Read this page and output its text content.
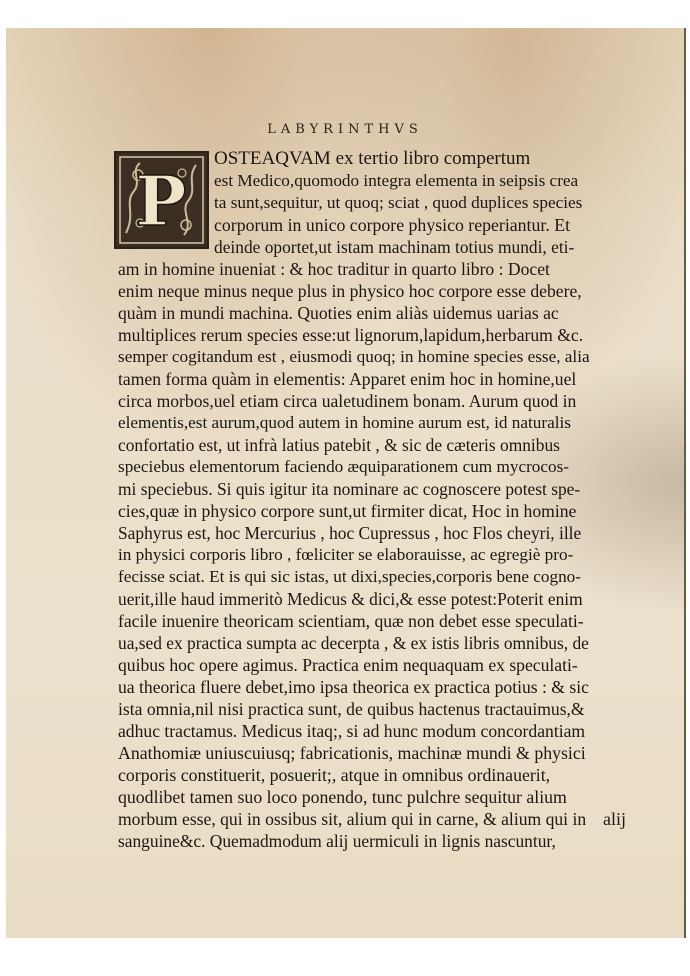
LABYRINTHVS
P
OSTEAQVAM ex tertio libro compertum
est Medico,quomodo integra elementa in seipsis crea
ta sunt,sequitur, ut quoq; sciat , quod duplices species
corporum in unico corpore physico reperiantur. Et
deinde oportet,ut istam machinam totius mundi, eti-
am in homine inueniat : & hoc traditur in quarto libro : Docet
enim neque minus neque plus in physico hoc corpore esse debere,
quàm in mundi machina. Quoties enim aliàs uidemus uarias ac
multiplices rerum species esse:ut lignorum,lapidum,herbarum &c.
semper cogitandum est , eiusmodi quoq; in homine species esse, alia
tamen forma quàm in elementis: Apparet enim hoc in homine,uel
circa morbos,uel etiam circa ualetudinem bonam. Aurum quod in
elementis,est aurum,quod autem in homine aurum est, id naturalis
confortatio est, ut infrà latius patebit , & sic de cæteris omnibus
speciebus elementorum faciendo æquiparationem cum mycrocos-
mi speciebus. Si quis igitur ita nominare ac cognoscere potest spe-
cies,quæ in physico corpore sunt,ut firmiter dicat, Hoc in homine
Saphyrus est, hoc Mercurius , hoc Cupressus , hoc Flos cheyri, ille
in physici corporis libro , fœliciter se elaborauisse, ac egregiè pro-
fecisse sciat. Et is qui sic istas, ut dixi,species,corporis bene cogno-
uerit,ille haud immeritò Medicus & dici,& esse potest:Poterit enim
facile inuenire theoricam scientiam, quæ non debet esse speculati-
ua,sed ex practica sumpta ac decerpta , & ex istis libris omnibus, de
quibus hoc opere agimus. Practica enim nequaquam ex speculati-
ua theorica fluere debet,imo ipsa theorica ex practica potius : & sic
ista omnia,nil nisi practica sunt, de quibus hactenus tractauimus,&
adhuc tractamus. Medicus itaq;, si ad hunc modum concordantiam
Anathomiæ uniuscuiusq; fabricationis, machinæ mundi & physici
corporis constituerit, posuerit;, atque in omnibus ordinauerit,
quodlibet tamen suo loco ponendo, tunc pulchre sequitur alium
morbum esse, qui in ossibus sit, alium qui in carne, & alium qui in
sanguine&c. Quemadmodum alij uermiculi in lignis nascuntur,
alij
